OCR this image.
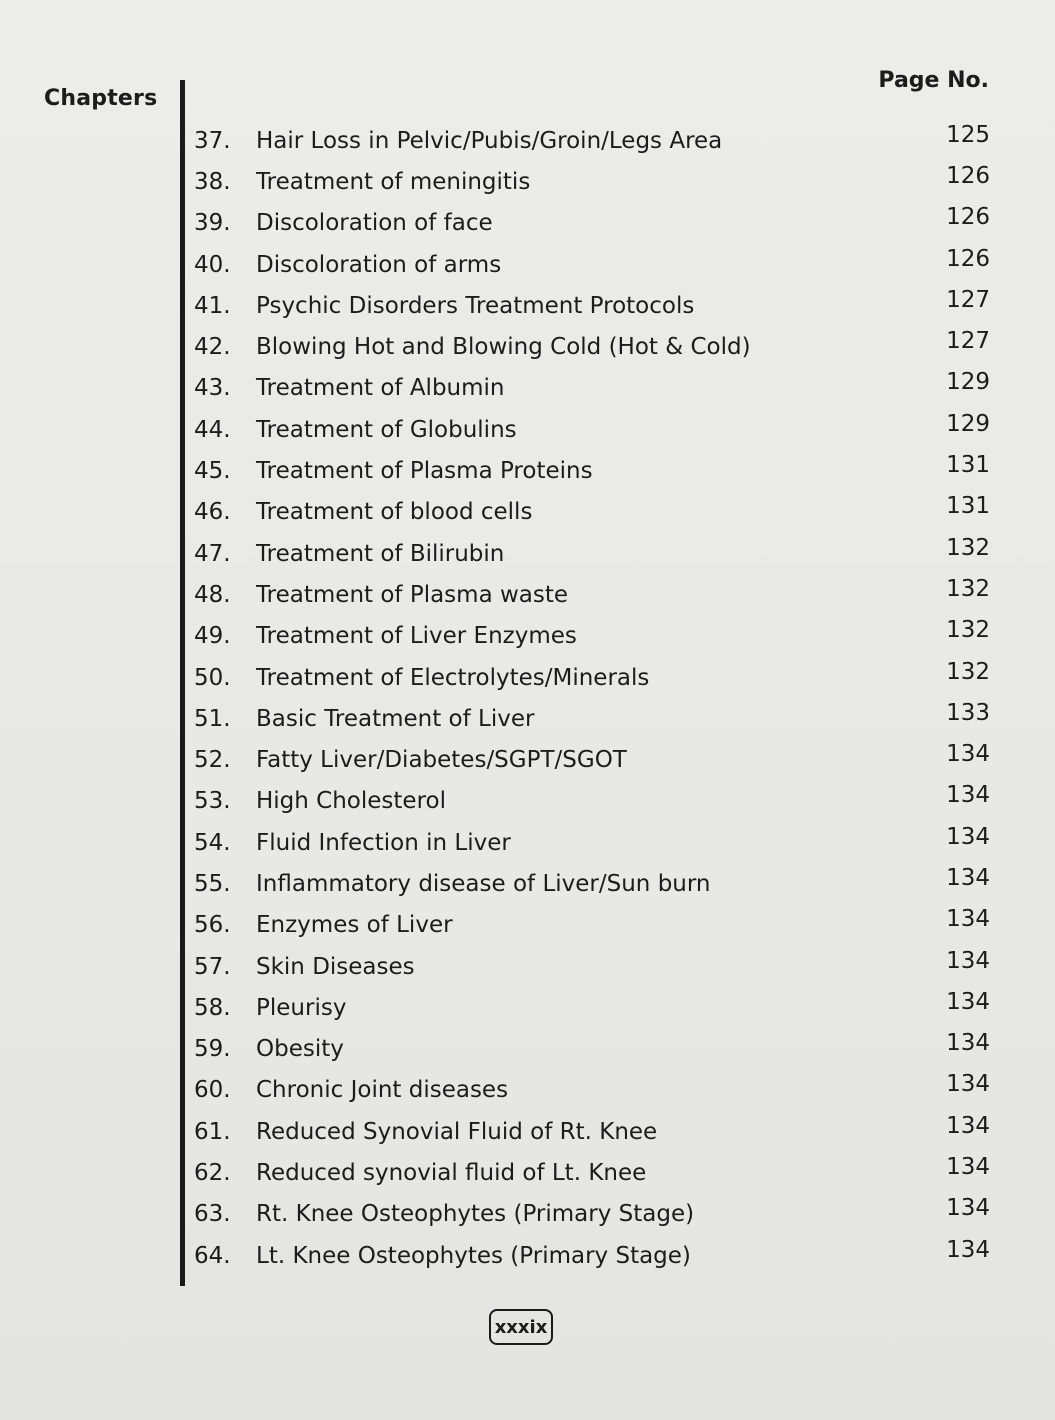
Chapters
Page No.
37.	Hair Loss in Pelvic/Pubis/Groin/Legs Area	125
38.	Treatment of meningitis	126
39.	Discoloration of face	126
40.	Discoloration of arms	126
41.	Psychic Disorders Treatment Protocols	127
42.	Blowing Hot and Blowing Cold (Hot & Cold)	127
43.	Treatment of Albumin	129
44.	Treatment of Globulins	129
45.	Treatment of Plasma Proteins	131
46.	Treatment of blood cells	131
47.	Treatment of Bilirubin	132
48.	Treatment of Plasma waste	132
49.	Treatment of Liver Enzymes	132
50.	Treatment of Electrolytes/Minerals	132
51.	Basic Treatment of Liver	133
52.	Fatty Liver/Diabetes/SGPT/SGOT	134
53.	High Cholesterol	134
54.	Fluid Infection in Liver	134
55.	Inflammatory disease of Liver/Sun burn	134
56.	Enzymes of Liver	134
57.	Skin Diseases	134
58.	Pleurisy	134
59.	Obesity	134
60.	Chronic Joint diseases	134
61.	Reduced Synovial Fluid of Rt. Knee	134
62.	Reduced synovial fluid of Lt. Knee	134
63.	Rt. Knee Osteophytes (Primary Stage)	134
64.	Lt. Knee Osteophytes (Primary Stage)	134
xxxix
